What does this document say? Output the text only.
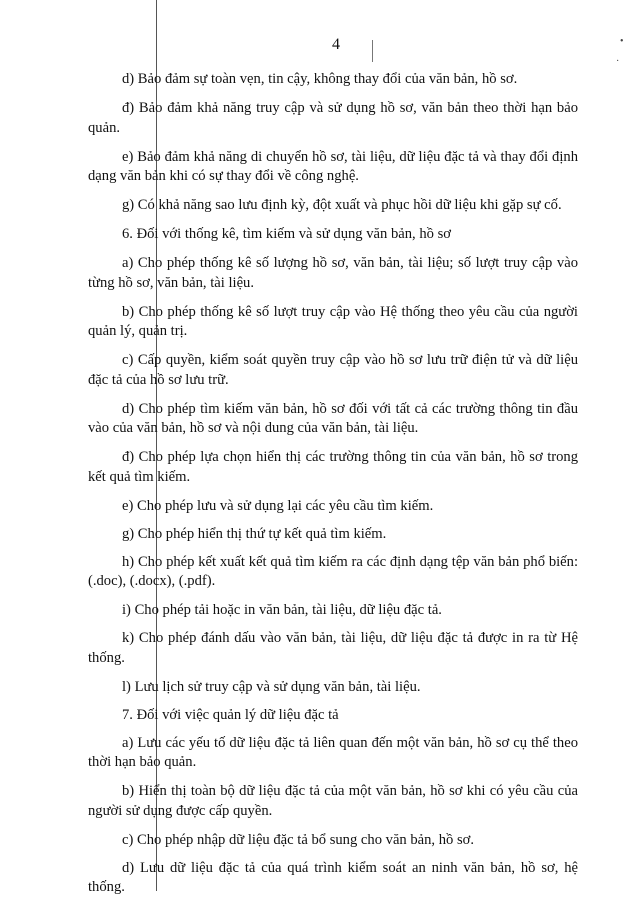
•
·
4

d) Bảo đảm sự toàn vẹn, tin cậy, không thay đổi của văn bản, hồ sơ.

đ) Bảo đảm khả năng truy cập và sử dụng hồ sơ, văn bản theo thời hạn bảo quản.

e) Bảo đảm khả năng di chuyển hồ sơ, tài liệu, dữ liệu đặc tả và thay đổi định dạng văn bản khi có sự thay đổi về công nghệ.

g) Có khả năng sao lưu định kỳ, đột xuất và phục hồi dữ liệu khi gặp sự cố.

6. Đối với thống kê, tìm kiếm và sử dụng văn bản, hồ sơ

a) Cho phép thống kê số lượng hồ sơ, văn bản, tài liệu; số lượt truy cập vào từng hồ sơ, văn bản, tài liệu.

b) Cho phép thống kê số lượt truy cập vào Hệ thống theo yêu cầu của người quản lý, quản trị.

c) Cấp quyền, kiểm soát quyền truy cập vào hồ sơ lưu trữ điện tử và dữ liệu đặc tả của hồ sơ lưu trữ.

d) Cho phép tìm kiếm văn bản, hồ sơ đối với tất cả các trường thông tin đầu vào của văn bản, hồ sơ và nội dung của văn bản, tài liệu.

đ) Cho phép lựa chọn hiển thị các trường thông tin của văn bản, hồ sơ trong kết quả tìm kiếm.

e) Cho phép lưu và sử dụng lại các yêu cầu tìm kiếm.

g) Cho phép hiển thị thứ tự kết quả tìm kiếm.

h) Cho phép kết xuất kết quả tìm kiếm ra các định dạng tệp văn bản phổ biến: (.doc), (.docx), (.pdf).

i) Cho phép tải hoặc in văn bản, tài liệu, dữ liệu đặc tả.

k) Cho phép đánh dấu vào văn bản, tài liệu, dữ liệu đặc tả được in ra từ Hệ thống.

l) Lưu lịch sử truy cập và sử dụng văn bản, tài liệu.

7. Đối với việc quản lý dữ liệu đặc tả

a) Lưu các yếu tố dữ liệu đặc tả liên quan đến một văn bản, hồ sơ cụ thể theo thời hạn bảo quản.

b) Hiển thị toàn bộ dữ liệu đặc tả của một văn bản, hồ sơ khi có yêu cầu của người sử dụng được cấp quyền.

c) Cho phép nhập dữ liệu đặc tả bổ sung cho văn bản, hồ sơ.

d) Lưu dữ liệu đặc tả của quá trình kiểm soát an ninh văn bản, hồ sơ, hệ thống.
